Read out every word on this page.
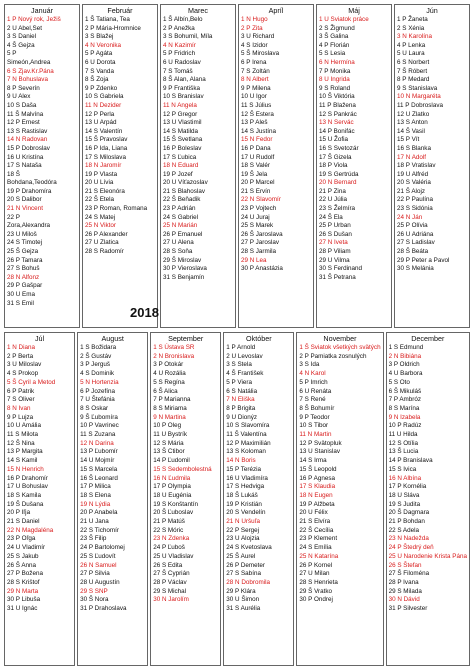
Január
1 P Nový rok, Ježiš
2 U Abel,Set
3 S Daniel
4 Š Gejza
5 P
Simeón,Andrea
6 S Zjav.Kr.Pána
7 N Bohuslava
8 P Severín
9 U Alex
10 S Daša
11 Š Malvína
12 P Ernest
13 S Rastislav
14 N Radovan
15 P Dobroslav
16 U Kristína
17 S Nataša
18 Š
Bohdana,Teodóra
19 P Drahomíra
20 S Dalibor
21 N Vincent
22 P
Zora,Alexandra
23 U Miloš
24 S Timotej
25 Š Gejza
26 P Tamara
27 S Bohuš
28 N Alfonz
29 P Gašpar
30 U Ema
31 S Emil
Február
1 Š Tatiana, Tea
2 P Mária-Hromnice
3 S Blažej
4 N Veronika
5 P Agáta
6 U Dorota
7 S Vanda
8 Š Zoja
9 P Zdenko
10 S Gabriela
11 N Dezider
12 P Perla
13 U Arpád
14 S Valentín
15 Š Pravoslav
16 P Ida, Liana
17 S Miloslava
18 N Jaromír
19 P Vlasta
20 U Lívia
21 S Eleonóra
22 Š Etela
23 P Roman, Romana
24 S Matej
25 N Viktor
26 P Alexander
27 U Zlatica
28 S Radomír
Marec
1 Š Albín,Belo
2 P Anežka
3 S Bohumil, Míla
4 N Kazimír
5 P Fridrich
6 U Radoslav
7 S Tomáš
8 Š Alan, Alana
9 P Františka
10 S Branislav
11 N Angela
12 P Gregor
13 U Vlastimil
14 S Matilda
15 Š Svetlana
16 P Boleslav
17 S Ľubica
18 N Eduard
19 P Jozef
20 U Víťazoslav
21 S Blahoslav
22 Š Beňadik
23 P Adrián
24 S Gabriel
25 N Marián
26 P Emanuel
27 U Alena
28 S Soňa
29 Š Miroslav
30 P Vieroslava
31 S Benjamín
Apríl
1 N Hugo
2 P Zita
3 U Richard
4 S Izidor
5 Š Miroslava
6 P Irena
7 S Zoltán
8 N Albert
9 P Milena
10 U Igor
11 S Július
12 Š Estera
13 P Aleš
14 S Justína
15 N Fedor
16 P Dana
17 U Rudolf
18 S Valér
19 Š Jela
20 P Marcel
21 S Ervín
22 N Slavomír
23 P Vojtech
24 U Juraj
25 S Marek
26 Š Jaroslava
27 P Jaroslav
28 S Jarmila
29 N Lea
30 P Anastázia
Máj
1 U Sviatok práce
2 S Žigmund
3 Š Galina
4 P Florián
5 S Lesia
6 N Hermína
7 P Monika
8 U Ingrida
9 S Roland
10 Š Viktória
11 P Blažena
12 S Pankrác
13 N Servác
14 P Bonifác
15 U Žofia
16 S Svetozár
17 Š Gizela
18 P Viola
19 S Gertrúda
20 N Bernard
21 P Zina
22 U Júlia
23 S Želmíra
24 Š Ela
25 P Urban
26 S Dušan
27 N Iveta
28 P Viliam
29 U Vilma
30 S Ferdinand
31 Š Petrana
Jún
1 P Žaneta
2 S Xénia
3 N Karolína
4 P Lenka
5 U Laura
6 S Norbert
7 Š Róbert
8 P Medard
9 S Stanislava
10 N Margaréta
11 P Dobroslava
12 U Zlatko
13 S Anton
14 Š Vasil
15 P Vít
16 S Blanka
17 N Adolf
18 P Vratislav
19 U Alfréd
20 S Valéria
21 Š Alojz
22 P Paulína
23 S Sidónia
24 N Ján
25 P Olívia
26 U Adriána
27 S Ladislav
28 Š Beáta
29 P Peter a Pavol
30 S Melánia
Júl
1 N Diana
2 P Berta
3 U Miloslav
4 S Prokop
5 Š Cyril a Metod
6 P Patrik
7 S Oliver
8 N Ivan
9 P Lujza
10 U Amália
11 S Milota
12 Š Nina
13 P Margita
14 S Kamil
15 N Henrich
16 P Drahomír
17 U Bohuslav
18 S Kamila
19 Š Dušana
20 P Iľja
21 S Daniel
22 N Magdaléna
23 P Oľga
24 U Vladimír
25 S Jakub
26 Š Anna
27 P Božena
28 S Krištof
29 N Marta
30 P Libuša
31 U Ignác
August
1 S Božidara
2 Š Gustáv
3 P Jerguš
4 S Dominik
5 N Hortenzia
6 P Jozefína
7 U Štefánia
8 S Oskar
9 Š Ľubomíra
10 P Vavrinec
11 S Zuzana
12 N Darina
13 P Ľubomír
14 U Mojmír
15 S Marcela
16 Š Leonard
17 P Milica
18 S Elena
19 N Lýdia
20 P Anabela
21 U Jana
22 S Tichomír
23 Š Filip
24 P Bartolomej
25 S Ľudovít
26 N Samuel
27 P Silvia
28 U Augustín
29 S SNP
30 Š Nora
31 P Drahoslava
September
1 S Ústava SR
2 N Bronislava
3 P Otokár
4 U Rozália
5 S Regína
6 Š Alica
7 P Marianna
8 S Miriama
9 N Martina
10 P Oleg
11 U Bystrík
12 S Mária
13 Š Ctibor
14 P Ľudomil
15 S Sedembolestná
16 N Ľudmila
17 P Olympia
18 U Eugénia
19 S Konštantín
20 Š Ľuboslav
21 P Matúš
22 S Móric
23 N Zdenka
24 P Ľuboš
25 U Vladislav
26 S Edita
27 Š Cyprián
28 P Václav
29 S Michal
30 N Jarolím
Október
1 P Arnold
2 U Levoslav
3 S Stela
4 Š František
5 P Viera
6 S Natália
7 N Eliška
8 P Brigita
9 U Dionýz
10 S Slavomíra
11 Š Valentína
12 P Maximilián
13 S Koloman
14 N Boris
15 P Terézia
16 U Vladimíra
17 S Hedviga
18 Š Lukáš
19 P Kristián
20 S Vendelín
21 N Uršuľa
22 P Sergej
23 U Alojzia
24 S Kvetoslava
25 Š Aurel
26 P Demeter
27 S Sabína
28 N Dobromila
29 P Klára
30 U Šimon
31 S Aurélia
November
1 Š Sviatok všetkých svätých
2 P Pamiatka zosnulých
3 S Ida
4 N Karol
5 P Imrich
6 U Renáta
7 S René
8 Š Bohumír
9 P Teodor
10 S Tibor
11 N Martin
12 P Svätopluk
13 U Stanislav
14 S Irma
15 Š Leopold
16 P Agnesa
17 S Klaudia
18 N Eugen
19 P Alžbeta
20 U Félix
21 S Elvíra
22 Š Cecília
23 P Klement
24 S Emília
25 N Katarína
26 P Kornel
27 U Milan
28 S Henrieta
29 Š Vratko
30 P Ondrej
December
1 S Edmund
2 N Bibiána
3 P Oldrich
4 U Barbora
5 S Oto
6 Š Mikuláš
7 P Ambróz
8 S Marína
9 N Izabela
10 P Radúz
11 U Hilda
12 S Otília
13 Š Lucia
14 P Branislava
15 S Ivica
16 N Albína
17 P Kornélia
18 U Sláva
19 S Judita
20 Š Dagmara
21 P Bohdan
22 S Adela
23 N Nadežda
24 P Štedrý deň
25 U Narodenie Krista Pána
26 S Štefan
27 Š Filoména
28 P Ivana
29 S Milada
30 N Dávid
31 P Silvester
2018
